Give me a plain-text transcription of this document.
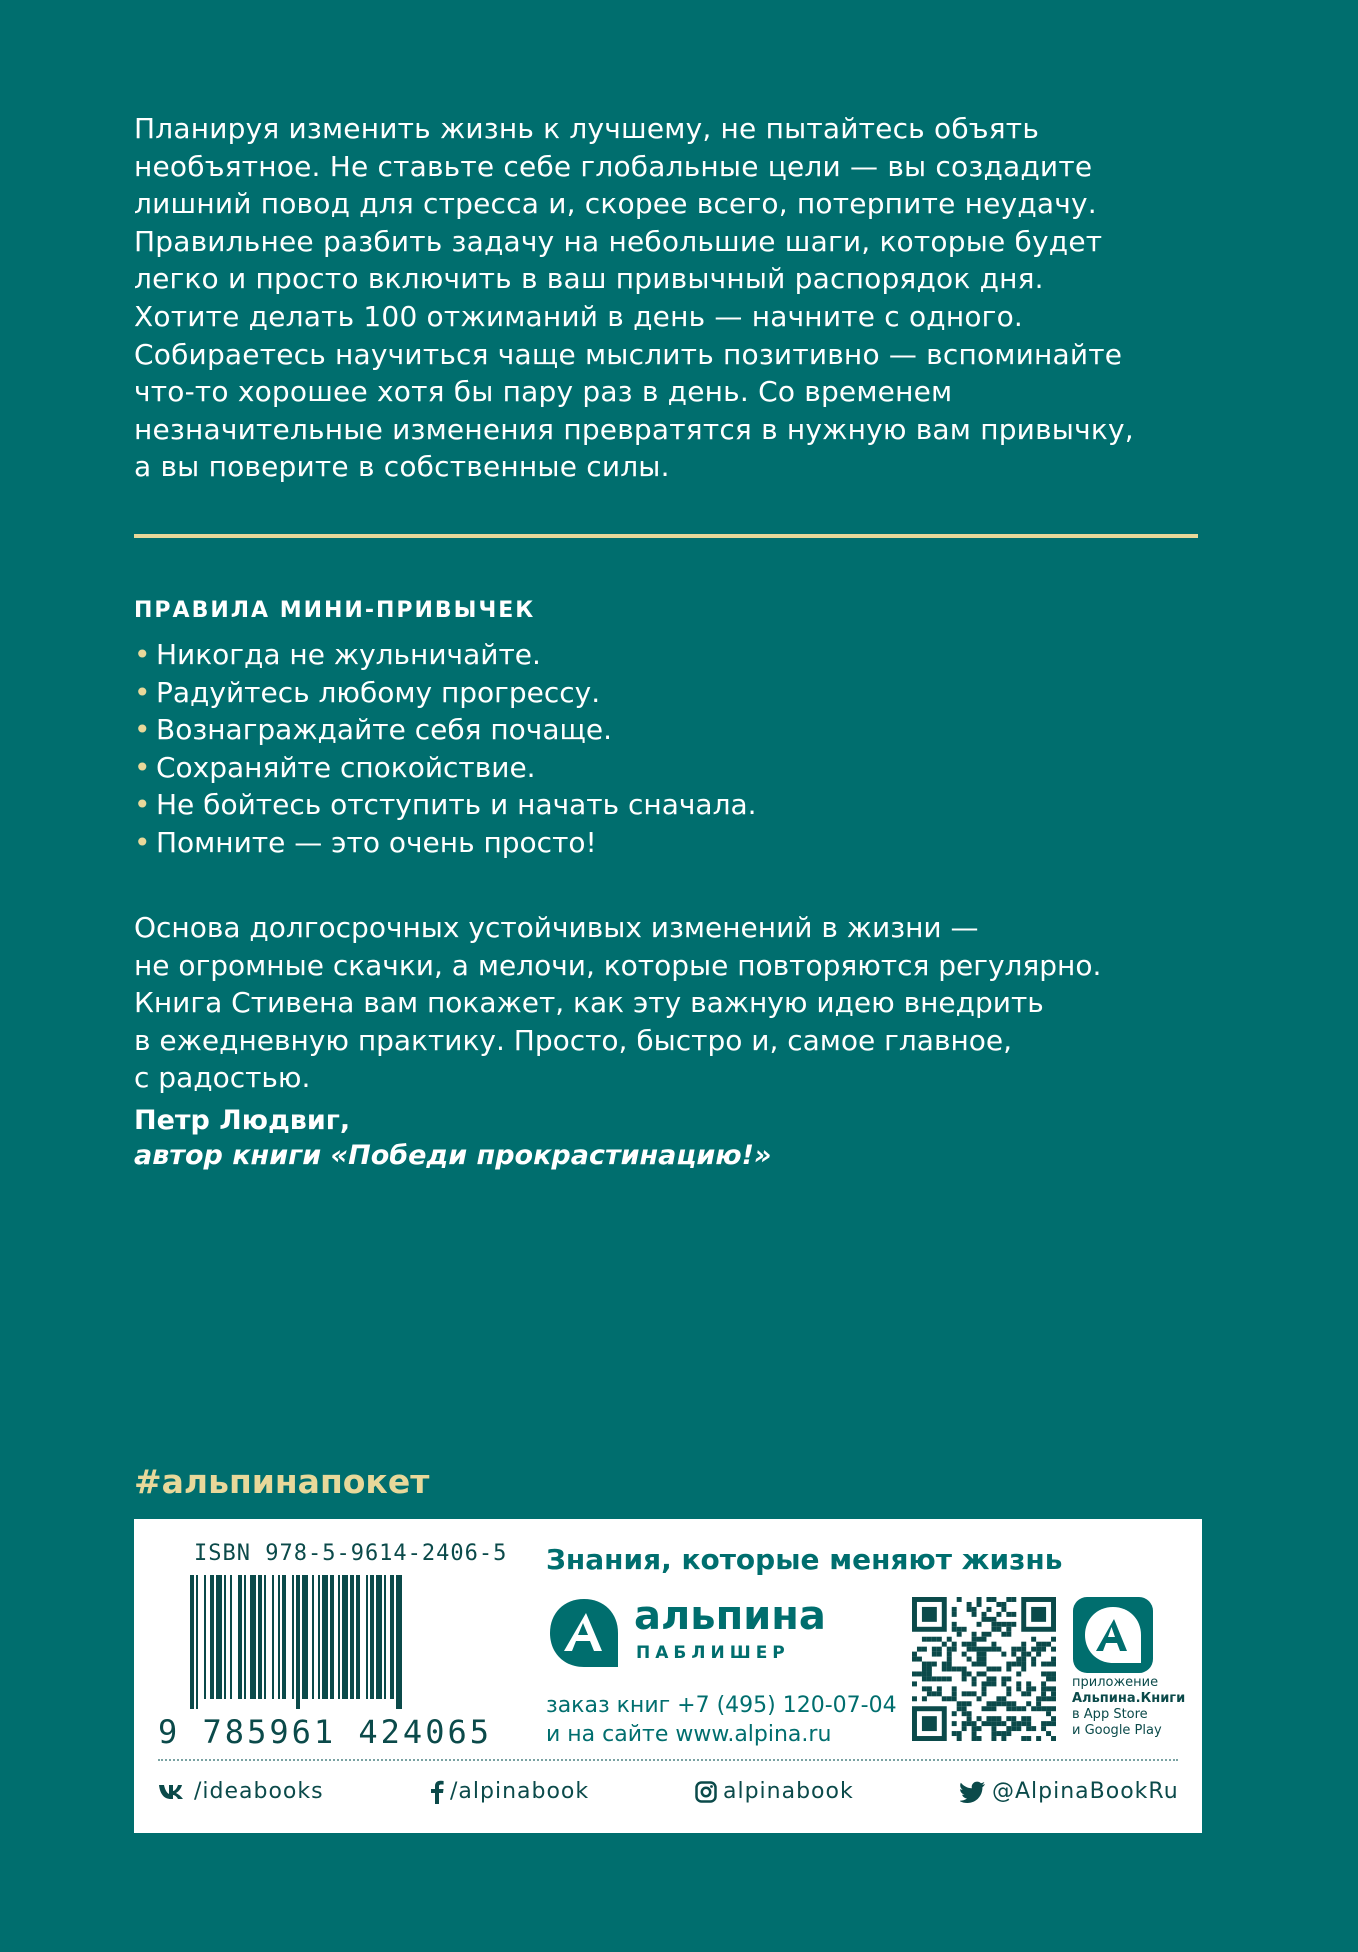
Планируя изменить жизнь к лучшему, не пытайтесь объять
необъятное. Не ставьте себе глобальные цели — вы создадите
лишний повод для стресса и, скорее всего, потерпите неудачу.
Правильнее разбить задачу на небольшие шаги, которые будет
легко и просто включить в ваш привычный распорядок дня.
Хотите делать 100 отжиманий в день — начните с одного.
Собираетесь научиться чаще мыслить позитивно — вспоминайте
что-то хорошее хотя бы пару раз в день. Со временем
незначительные изменения превратятся в нужную вам привычку,
а вы поверите в собственные силы.
ПРАВИЛА МИНИ-ПРИВЫЧЕК
• Никогда не жульничайте.
• Радуйтесь любому прогрессу.
• Вознаграждайте себя почаще.
• Сохраняйте спокойствие.
• Не бойтесь отступить и начать сначала.
• Помните — это очень просто!
Основа долгосрочных устойчивых изменений в жизни —
не огромные скачки, а мелочи, которые повторяются регулярно.
Книга Стивена вам покажет, как эту важную идею внедрить
в ежедневную практику. Просто, быстро и, самое главное,
с радостью.
Петр Людвиг,
автор книги «Победи прокрастинацию!»
#альпинапокет
ISBN 978-5-9614-2406-5
9 785961 424065
Знания, которые меняют жизнь
альпина
ПАБЛИШЕР
заказ книг +7 (495) 120-07-04
и на сайте www.alpina.ru
приложение
Альпина.Книги
в App Store
и Google Play
/ideabooks	/alpinabook	alpinabook	@AlpinaBookRu
